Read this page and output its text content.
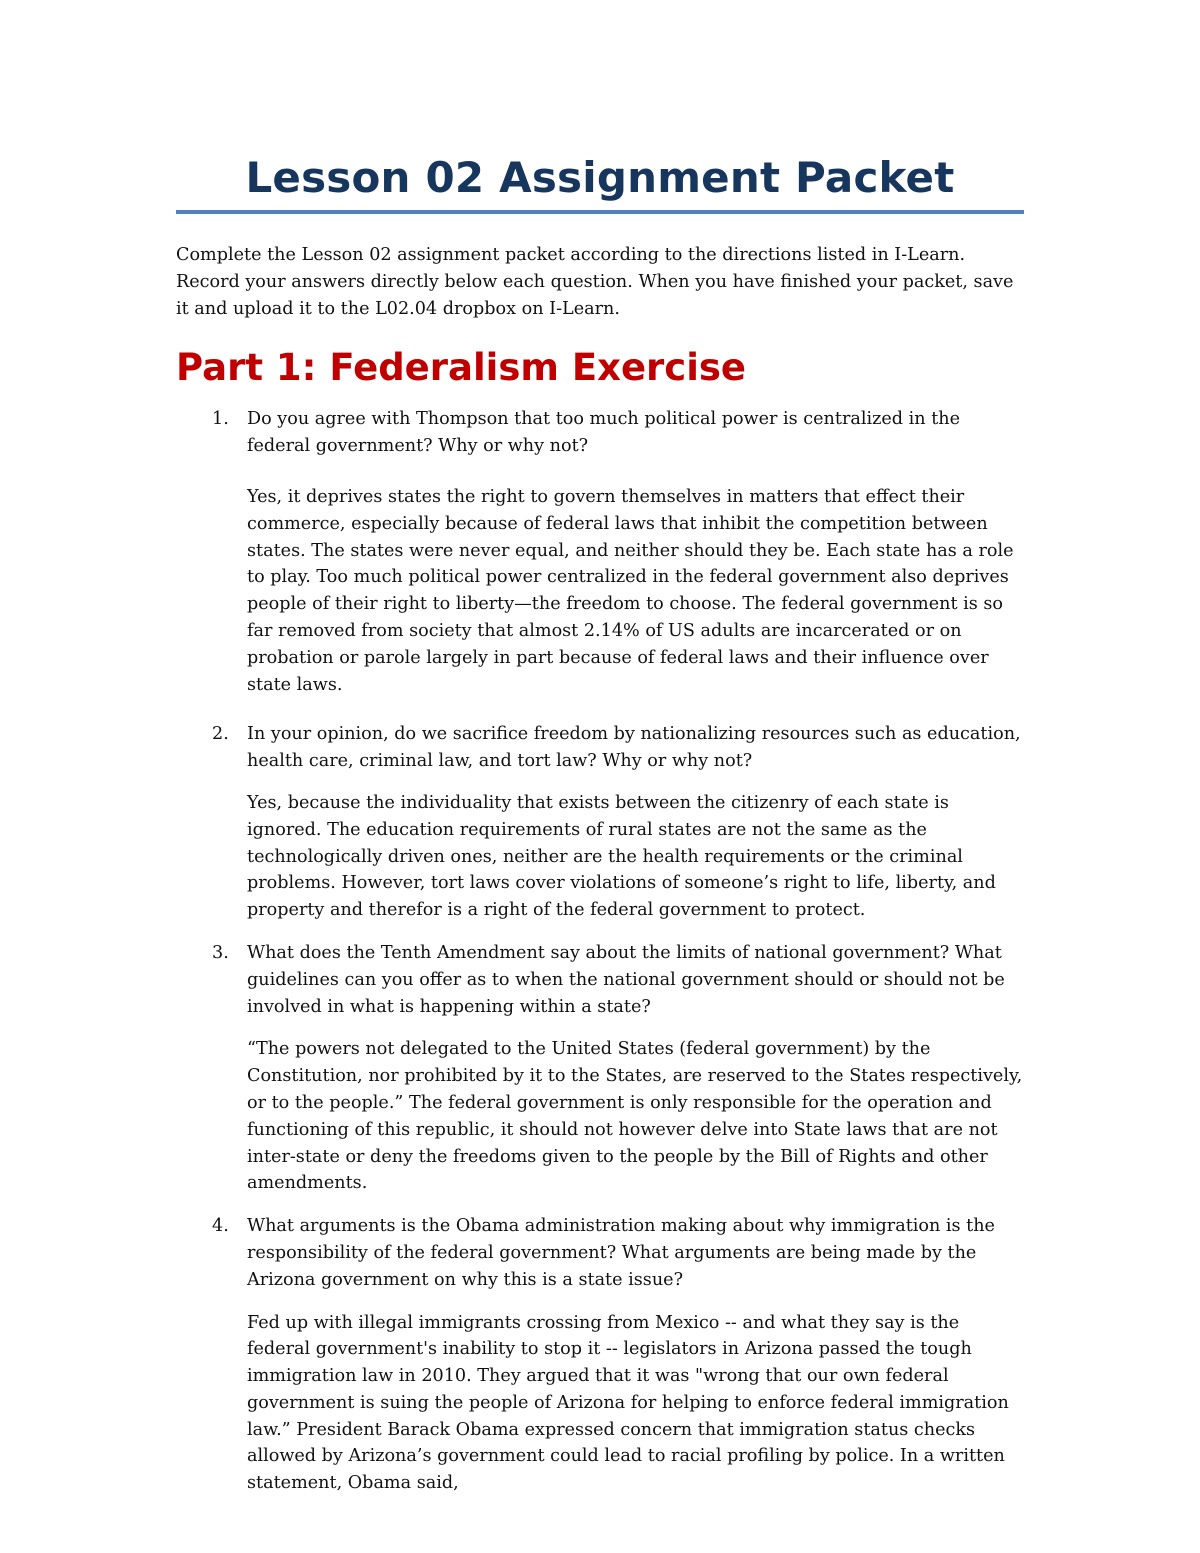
Lesson 02 Assignment Packet

Complete the Lesson 02 assignment packet according to the directions listed in I-Learn. Record your answers directly below each question. When you have finished your packet, save it and upload it to the L02.04 dropbox on I-Learn.

Part 1: Federalism Exercise
1. Do you agree with Thompson that too much political power is centralized in the federal government? Why or why not?

Yes, it deprives states the right to govern themselves in matters that effect their commerce, especially because of federal laws that inhibit the competition between states. The states were never equal, and neither should they be. Each state has a role to play. Too much political power centralized in the federal government also deprives people of their right to liberty—the freedom to choose. The federal government is so far removed from society that almost 2.14% of US adults are incarcerated or on probation or parole largely in part because of federal laws and their influence over state laws.

2. In your opinion, do we sacrifice freedom by nationalizing resources such as education, health care, criminal law, and tort law? Why or why not?

Yes, because the individuality that exists between the citizenry of each state is ignored. The education requirements of rural states are not the same as the technologically driven ones, neither are the health requirements or the criminal problems. However, tort laws cover violations of someone’s right to life, liberty, and property and therefor is a right of the federal government to protect.

3. What does the Tenth Amendment say about the limits of national government? What guidelines can you offer as to when the national government should or should not be involved in what is happening within a state?

“The powers not delegated to the United States (federal government) by the Constitution, nor prohibited by it to the States, are reserved to the States respectively, or to the people.” The federal government is only responsible for the operation and functioning of this republic, it should not however delve into State laws that are not inter-state or deny the freedoms given to the people by the Bill of Rights and other amendments.

4. What arguments is the Obama administration making about why immigration is the responsibility of the federal government? What arguments are being made by the Arizona government on why this is a state issue?

Fed up with illegal immigrants crossing from Mexico -- and what they say is the federal government's inability to stop it -- legislators in Arizona passed the tough immigration law in 2010. They argued that it was "wrong that our own federal government is suing the people of Arizona for helping to enforce federal immigration law.” President Barack Obama expressed concern that immigration status checks allowed by Arizona’s government could lead to racial profiling by police. In a written statement, Obama said,
